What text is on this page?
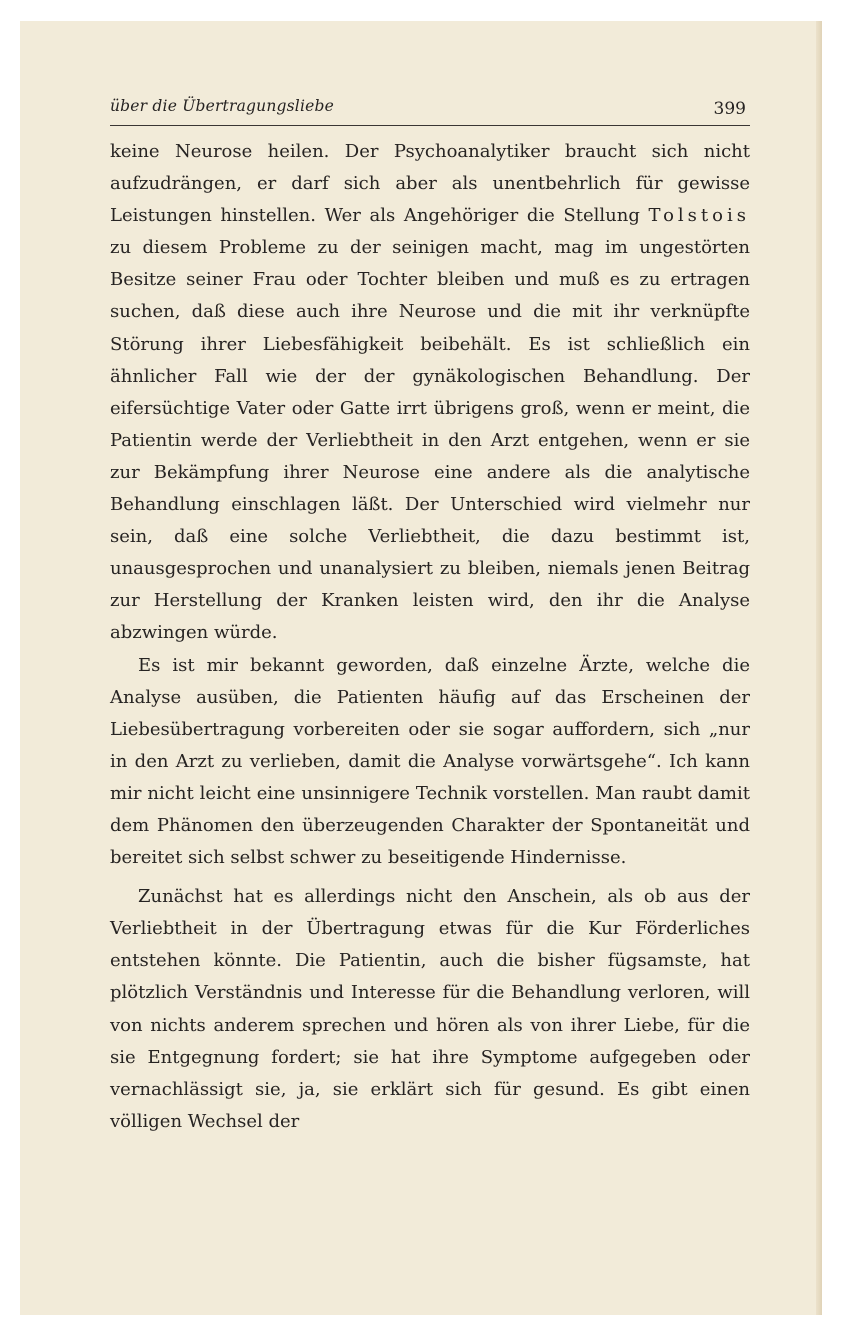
über die Übertragungsliebe	399

keine Neurose heilen. Der Psychoanalytiker braucht sich nicht aufzudrängen, er darf sich aber als unentbehrlich für gewisse Leistungen hinstellen. Wer als Angehöriger die Stellung Tolstois zu diesem Probleme zu der seinigen macht, mag im ungestörten Besitze seiner Frau oder Tochter bleiben und muß es zu ertragen suchen, daß diese auch ihre Neurose und die mit ihr verknüpfte Störung ihrer Liebesfähigkeit beibehält. Es ist schließlich ein ähnlicher Fall wie der der gynäkologischen Behandlung. Der eifersüchtige Vater oder Gatte irrt übrigens groß, wenn er meint, die Patientin werde der Verliebtheit in den Arzt entgehen, wenn er sie zur Bekämpfung ihrer Neurose eine andere als die analytische Behandlung einschlagen läßt. Der Unterschied wird vielmehr nur sein, daß eine solche Verliebtheit, die dazu bestimmt ist, unausgesprochen und unanalysiert zu bleiben, niemals jenen Beitrag zur Herstellung der Kranken leisten wird, den ihr die Analyse abzwingen würde.

Es ist mir bekannt geworden, daß einzelne Ärzte, welche die Analyse ausüben, die Patienten häufig auf das Erscheinen der Liebesübertragung vorbereiten oder sie sogar auffordern, sich „nur in den Arzt zu verlieben, damit die Analyse vorwärtsgehe“. Ich kann mir nicht leicht eine unsinnigere Technik vorstellen. Man raubt damit dem Phänomen den überzeugenden Charakter der Spontaneität und bereitet sich selbst schwer zu beseitigende Hindernisse.

Zunächst hat es allerdings nicht den Anschein, als ob aus der Verliebtheit in der Übertragung etwas für die Kur Förderliches entstehen könnte. Die Patientin, auch die bisher fügsamste, hat plötzlich Verständnis und Interesse für die Behandlung verloren, will von nichts anderem sprechen und hören als von ihrer Liebe, für die sie Entgegnung fordert; sie hat ihre Symptome aufgegeben oder vernachlässigt sie, ja, sie erklärt sich für gesund. Es gibt einen völligen Wechsel der
